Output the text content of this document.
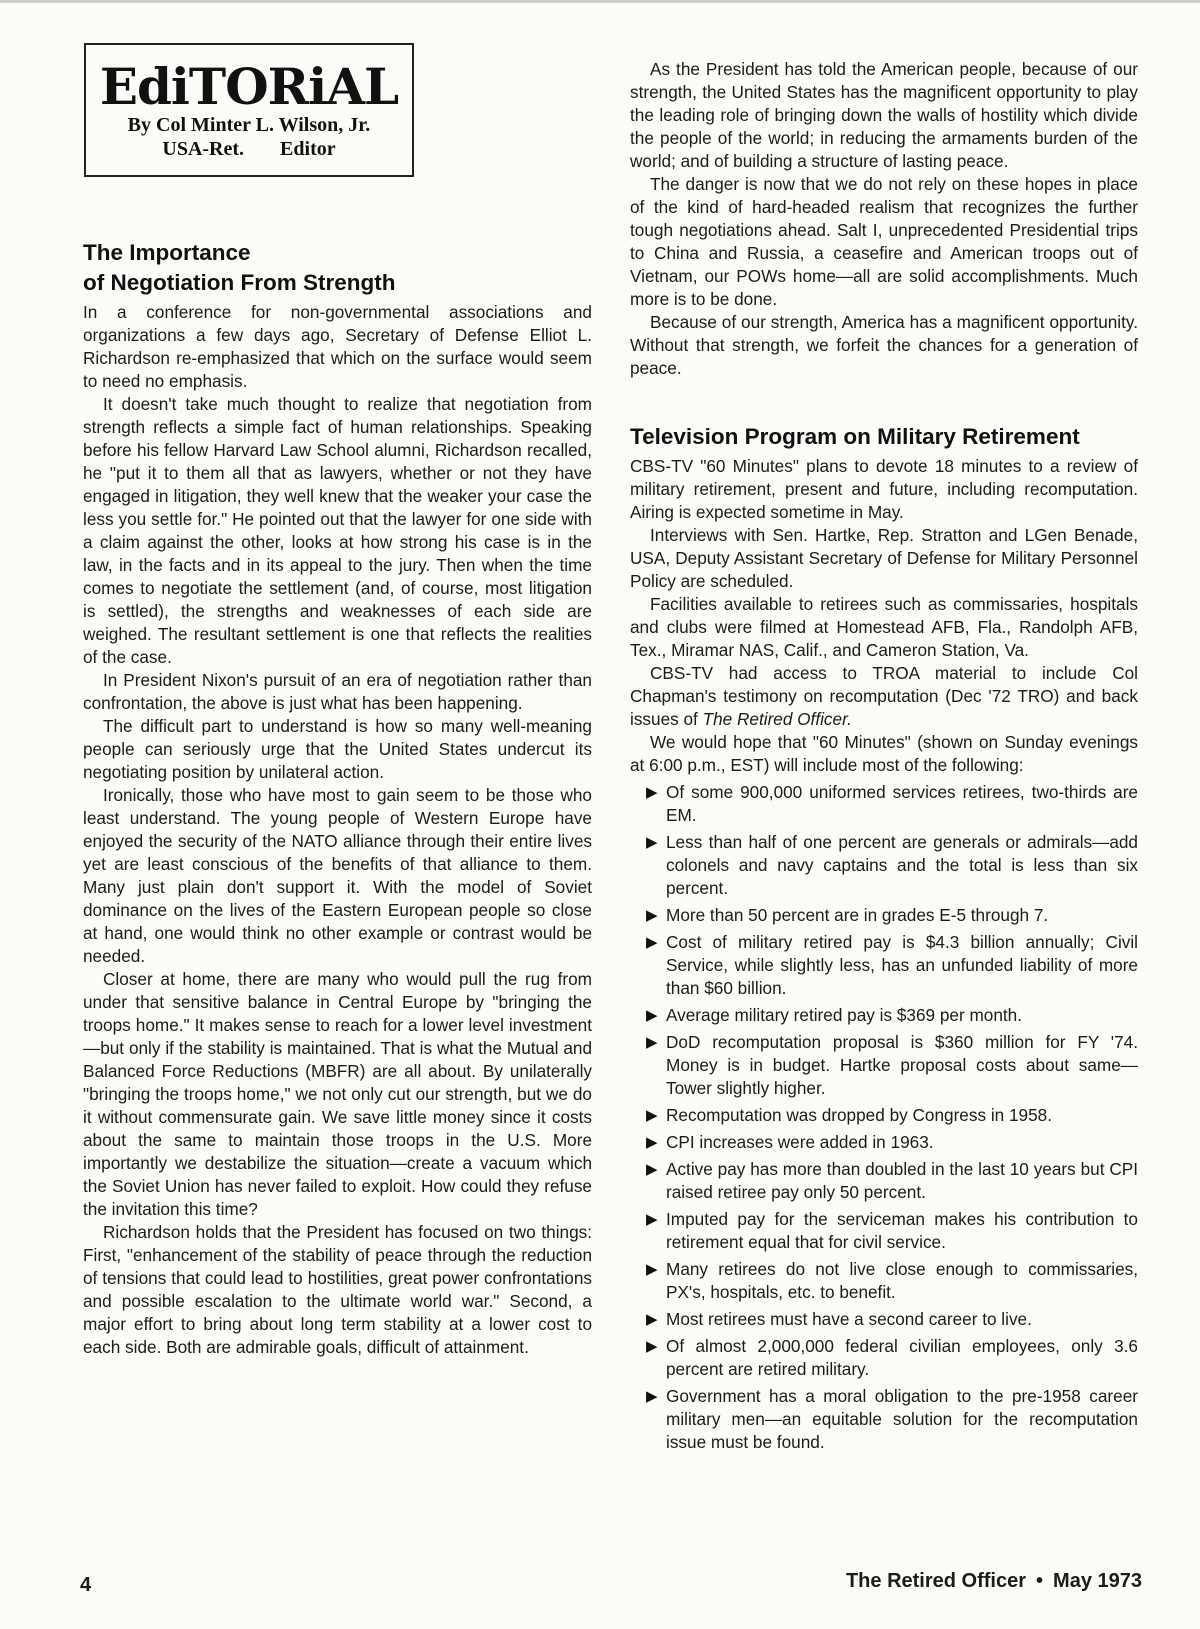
EdiTORiAL
By Col Minter L. Wilson, Jr.
USA-Ret. Editor
The Importance
of Negotiation From Strength

In a conference for non-governmental associations and organizations a few days ago, Secretary of Defense Elliot L. Richardson re-emphasized that which on the surface would seem to need no emphasis.

It doesn't take much thought to realize that negotiation from strength reflects a simple fact of human relationships. Speaking before his fellow Harvard Law School alumni, Richardson recalled, he "put it to them all that as lawyers, whether or not they have engaged in litigation, they well knew that the weaker your case the less you settle for." He pointed out that the lawyer for one side with a claim against the other, looks at how strong his case is in the law, in the facts and in its appeal to the jury. Then when the time comes to negotiate the settlement (and, of course, most litigation is settled), the strengths and weaknesses of each side are weighed. The resultant settlement is one that reflects the realities of the case.

In President Nixon's pursuit of an era of negotiation rather than confrontation, the above is just what has been happening.

The difficult part to understand is how so many well-meaning people can seriously urge that the United States undercut its negotiating position by unilateral action.

Ironically, those who have most to gain seem to be those who least understand. The young people of Western Europe have enjoyed the security of the NATO alliance through their entire lives yet are least conscious of the benefits of that alliance to them. Many just plain don't support it. With the model of Soviet dominance on the lives of the Eastern European people so close at hand, one would think no other example or contrast would be needed.

Closer at home, there are many who would pull the rug from under that sensitive balance in Central Europe by "bringing the troops home." It makes sense to reach for a lower level investment—but only if the stability is maintained. That is what the Mutual and Balanced Force Reductions (MBFR) are all about. By unilaterally "bringing the troops home," we not only cut our strength, but we do it without commensurate gain. We save little money since it costs about the same to maintain those troops in the U.S. More importantly we destabilize the situation—create a vacuum which the Soviet Union has never failed to exploit. How could they refuse the invitation this time?

Richardson holds that the President has focused on two things: First, "enhancement of the stability of peace through the reduction of tensions that could lead to hostilities, great power confrontations and possible escalation to the ultimate world war." Second, a major effort to bring about long term stability at a lower cost to each side. Both are admirable goals, difficult of attainment.

As the President has told the American people, because of our strength, the United States has the magnificent opportunity to play the leading role of bringing down the walls of hostility which divide the people of the world; in reducing the armaments burden of the world; and of building a structure of lasting peace.

The danger is now that we do not rely on these hopes in place of the kind of hard-headed realism that recognizes the further tough negotiations ahead. Salt I, unprecedented Presidential trips to China and Russia, a ceasefire and American troops out of Vietnam, our POWs home—all are solid accomplishments. Much more is to be done.

Because of our strength, America has a magnificent opportunity. Without that strength, we forfeit the chances for a generation of peace.

Television Program on Military Retirement

CBS-TV "60 Minutes" plans to devote 18 minutes to a review of military retirement, present and future, including recomputation. Airing is expected sometime in May.

Interviews with Sen. Hartke, Rep. Stratton and LGen Benade, USA, Deputy Assistant Secretary of Defense for Military Personnel Policy are scheduled.

Facilities available to retirees such as commissaries, hospitals and clubs were filmed at Homestead AFB, Fla., Randolph AFB, Tex., Miramar NAS, Calif., and Cameron Station, Va.

CBS-TV had access to TROA material to include Col Chapman's testimony on recomputation (Dec '72 TRO) and back issues of The Retired Officer.

We would hope that "60 Minutes" (shown on Sunday evenings at 6:00 p.m., EST) will include most of the following:

▶ Of some 900,000 uniformed services retirees, two-thirds are EM.
▶ Less than half of one percent are generals or admirals—add colonels and navy captains and the total is less than six percent.
▶ More than 50 percent are in grades E-5 through 7.
▶ Cost of military retired pay is $4.3 billion annually; Civil Service, while slightly less, has an unfunded liability of more than $60 billion.
▶ Average military retired pay is $369 per month.
▶ DoD recomputation proposal is $360 million for FY '74. Money is in budget. Hartke proposal costs about same—Tower slightly higher.
▶ Recomputation was dropped by Congress in 1958.
▶ CPI increases were added in 1963.
▶ Active pay has more than doubled in the last 10 years but CPI raised retiree pay only 50 percent.
▶ Imputed pay for the serviceman makes his contribution to retirement equal that for civil service.
▶ Many retirees do not live close enough to commissaries, PX's, hospitals, etc. to benefit.
▶ Most retirees must have a second career to live.
▶ Of almost 2,000,000 federal civilian employees, only 3.6 percent are retired military.
▶ Government has a moral obligation to the pre-1958 career military men—an equitable solution for the recomputation issue must be found.
4	The Retired Officer • May 1973
